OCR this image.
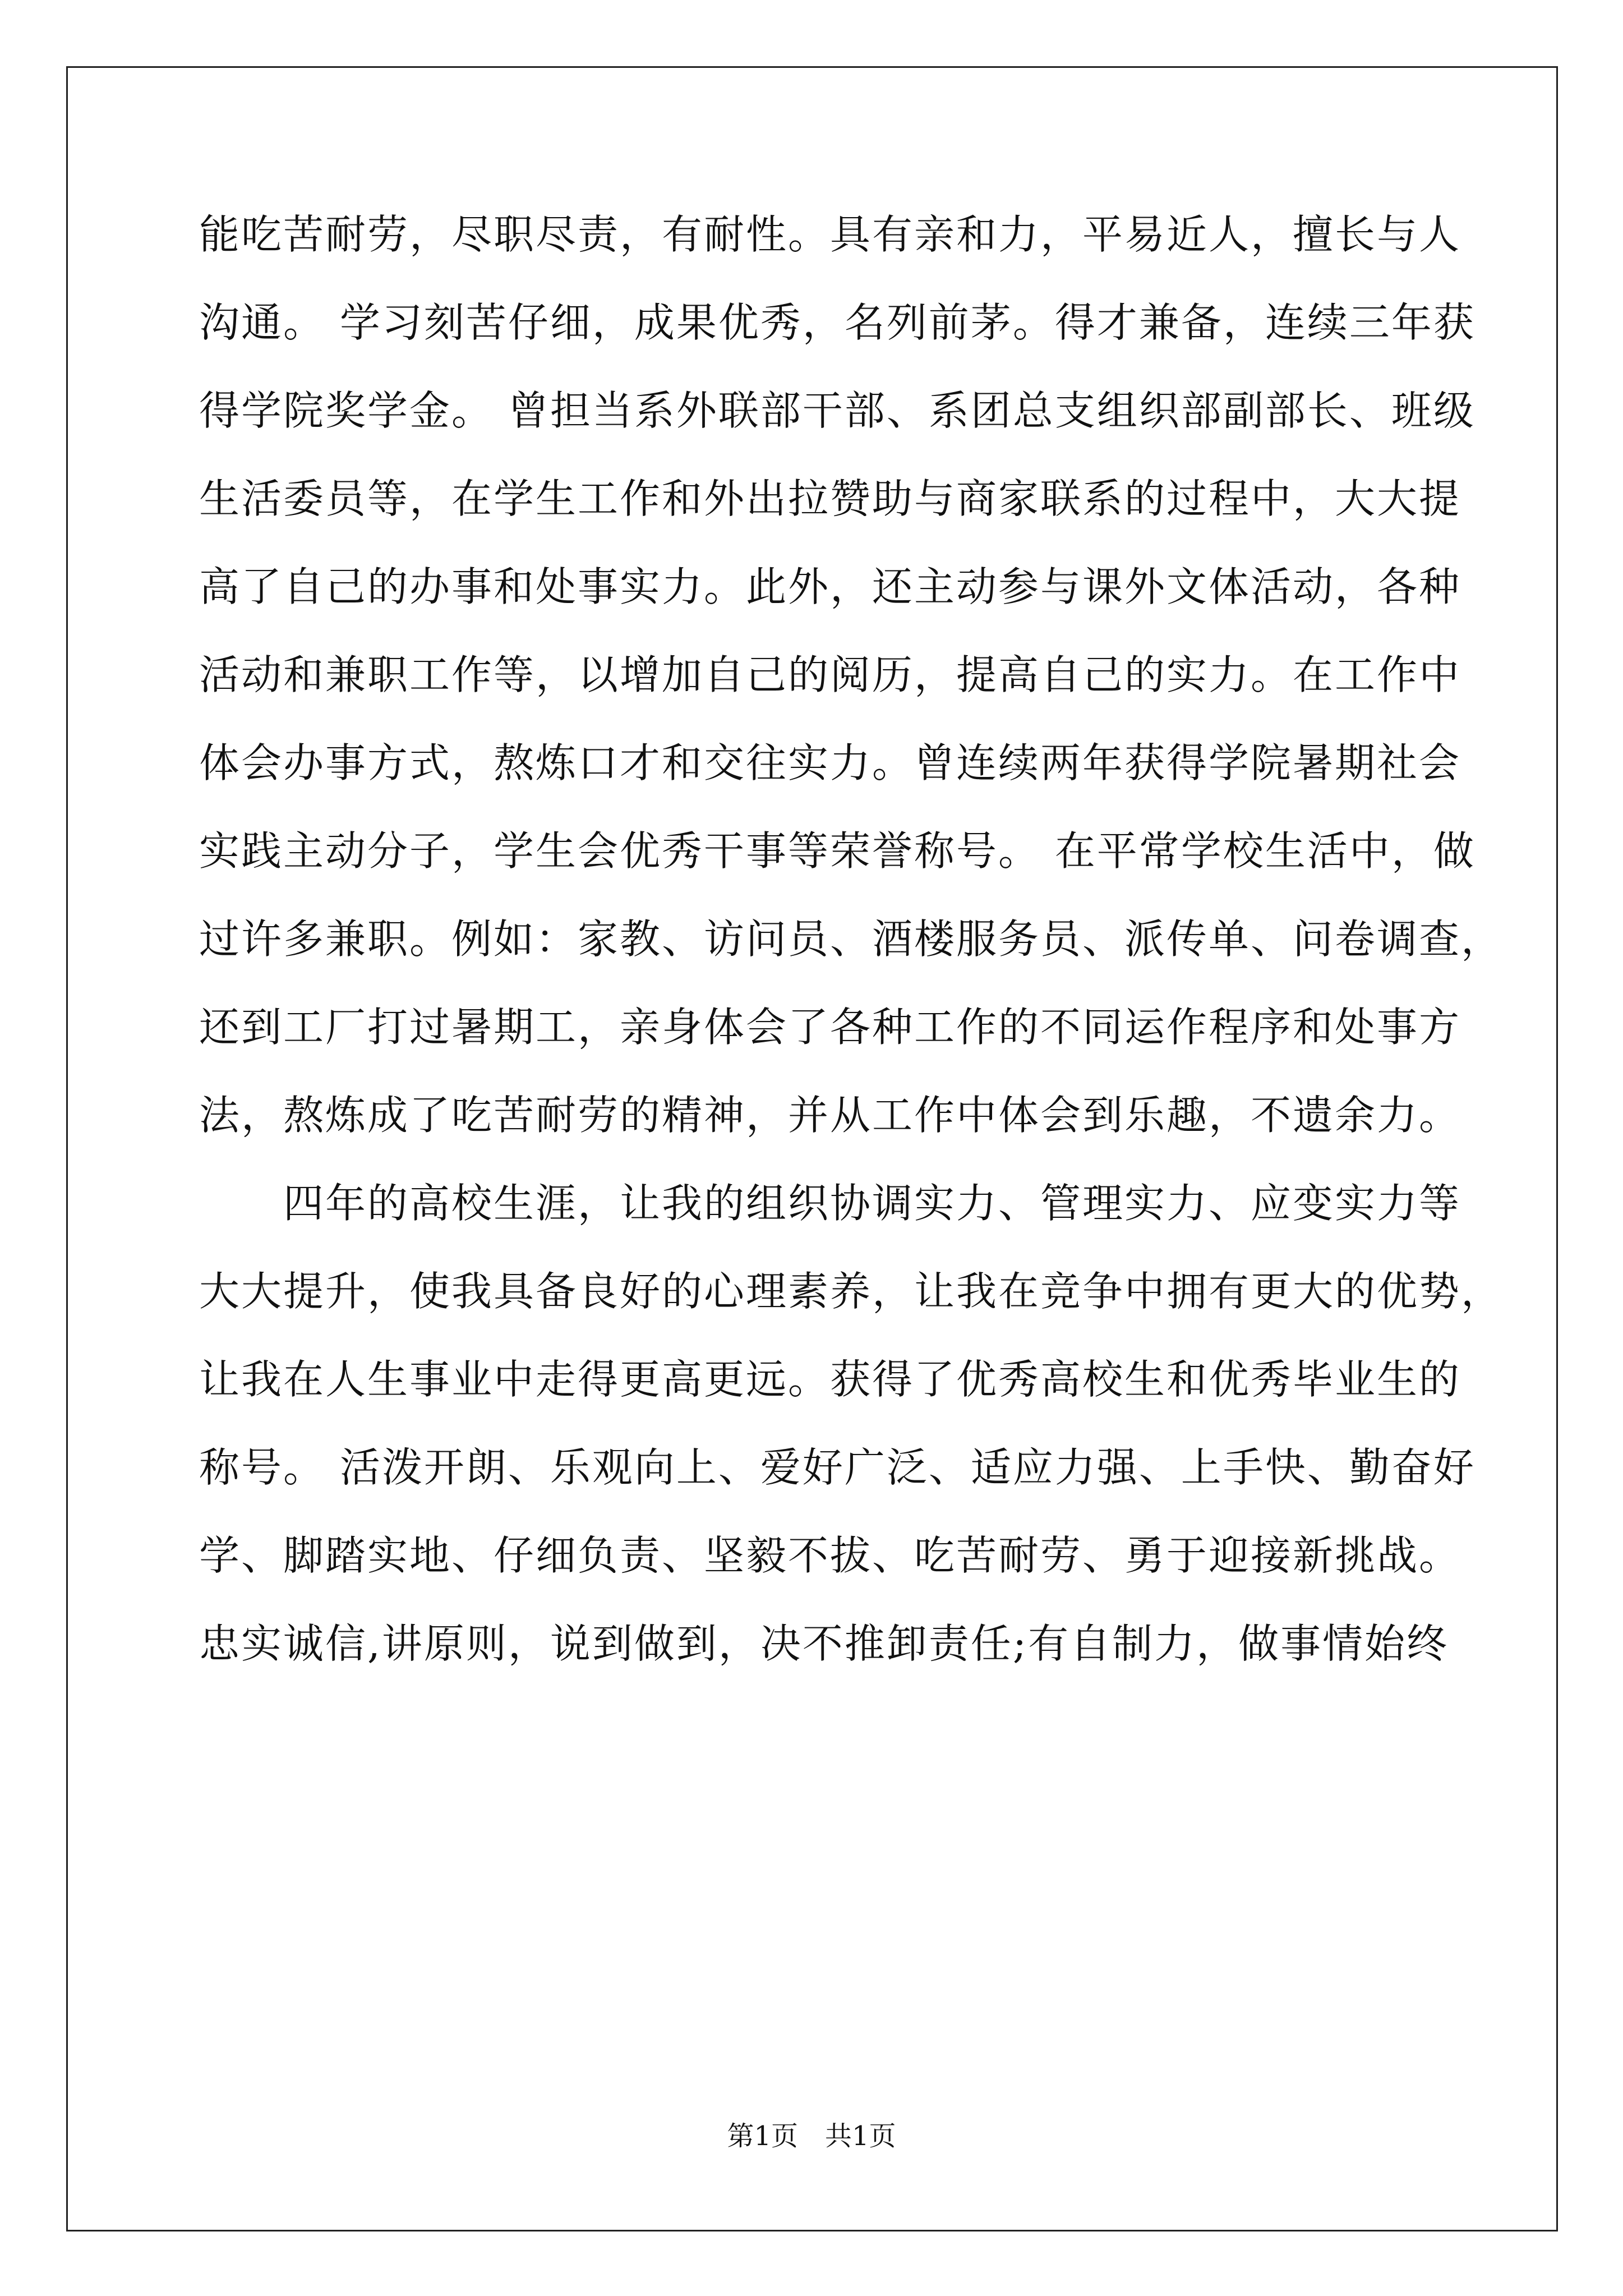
能吃苦耐劳，尽职尽责，有耐性。具有亲和力，平易近人，擅长与人
沟通。 学习刻苦仔细，成果优秀，名列前茅。得才兼备，连续三年获
得学院奖学金。 曾担当系外联部干部、系团总支组织部副部长、班级
生活委员等，在学生工作和外出拉赞助与商家联系的过程中，大大提
高了自己的办事和处事实力。此外，还主动参与课外文体活动，各种
活动和兼职工作等，以增加自己的阅历，提高自己的实力。在工作中
体会办事方式，熬炼口才和交往实力。曾连续两年获得学院暑期社会
实践主动分子，学生会优秀干事等荣誉称号。 在平常学校生活中，做
过许多兼职。例如：家教、访问员、酒楼服务员、派传单、问卷调查，
还到工厂打过暑期工，亲身体会了各种工作的不同运作程序和处事方
法，熬炼成了吃苦耐劳的精神，并从工作中体会到乐趣，不遗余力。
四年的高校生涯，让我的组织协调实力、管理实力、应变实力等
大大提升，使我具备良好的心理素养，让我在竞争中拥有更大的优势，
让我在人生事业中走得更高更远。获得了优秀高校生和优秀毕业生的
称号。 活泼开朗、乐观向上、爱好广泛、适应力强、上手快、勤奋好
学、脚踏实地、仔细负责、坚毅不拔、吃苦耐劳、勇于迎接新挑战。
忠实诚信,讲原则，说到做到，决不推卸责任;有自制力，做事情始终
第1页　共1页
